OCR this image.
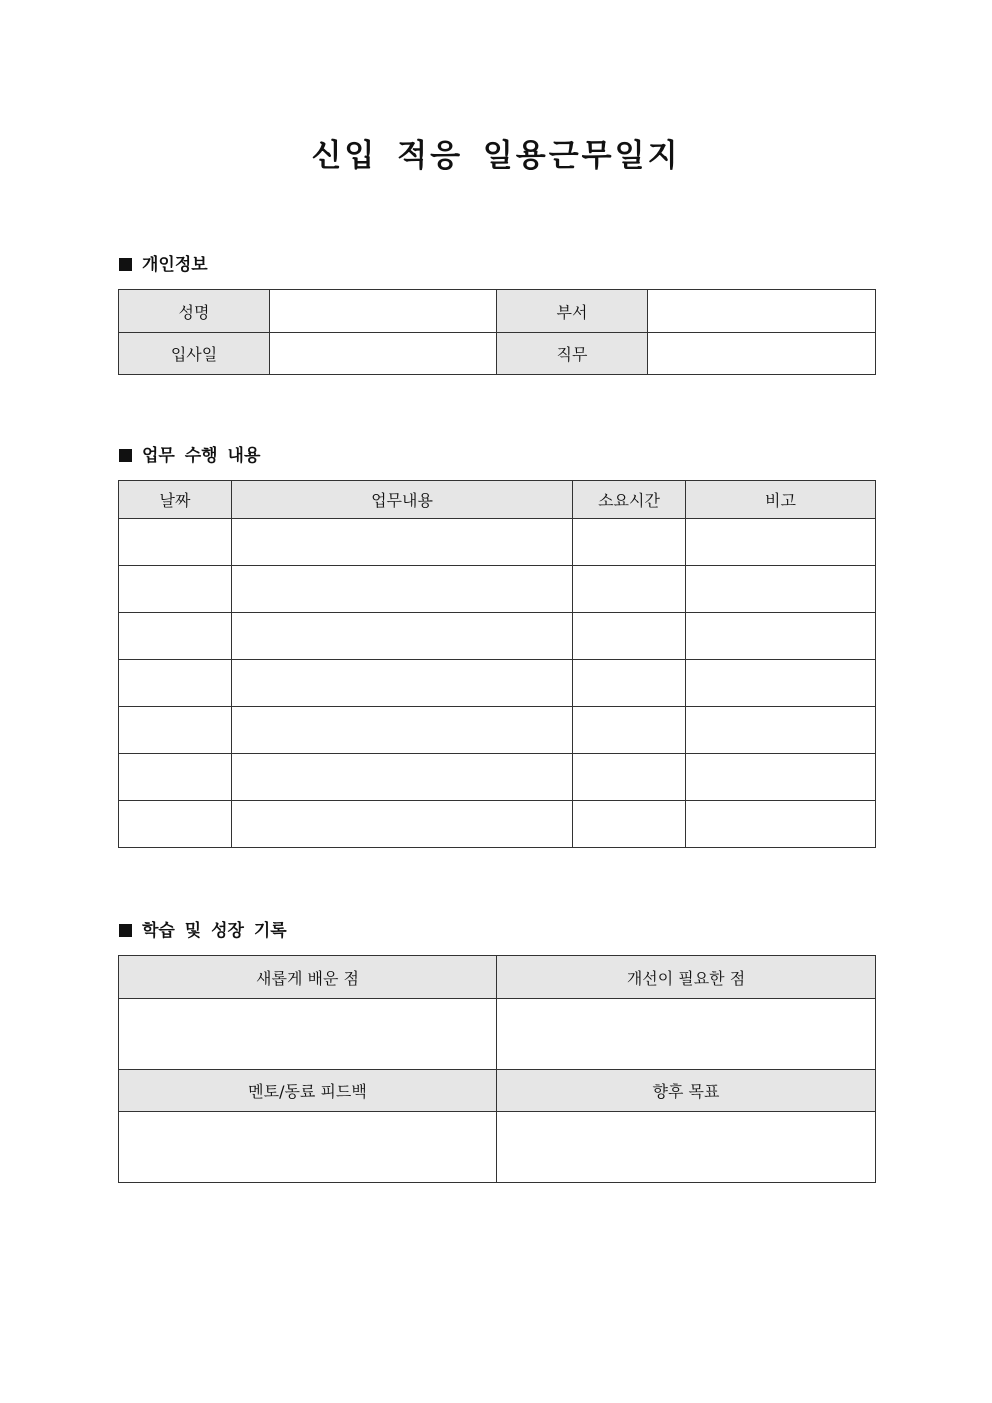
신입 적응 일용근무일지
개인정보
성명		부서	
입사일		직무	
업무 수행 내용
날짜	업무내용	소요시간	비고

학습 및 성장 기록
새롭게 배운 점	개선이 필요한 점

멘토/동료 피드백	향후 목표
